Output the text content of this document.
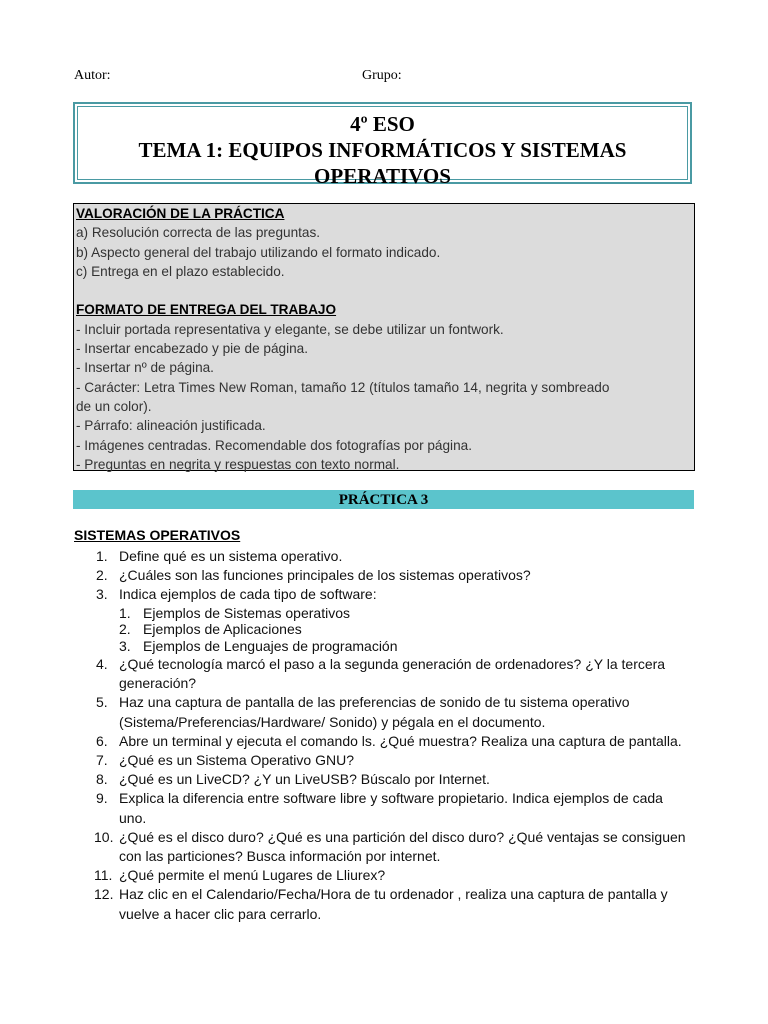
Autor:	Grupo:
4º ESO
TEMA 1: EQUIPOS INFORMÁTICOS Y SISTEMAS
OPERATIVOS
VALORACIÓN DE LA PRÁCTICA
a) Resolución correcta de las preguntas.
b) Aspecto general del trabajo utilizando el formato indicado.
c) Entrega en el plazo establecido.
FORMATO DE ENTREGA DEL TRABAJO
- Incluir portada representativa y elegante, se debe utilizar un fontwork.
- Insertar encabezado y pie de página.
- Insertar nº de página.
- Carácter: Letra Times New Roman, tamaño 12 (títulos tamaño 14, negrita y sombreado
de un color).
- Párrafo: alineación justificada.
- Imágenes centradas. Recomendable dos fotografías por página.
- Preguntas en negrita y respuestas con texto normal.
PRÁCTICA 3
SISTEMAS OPERATIVOS
1. Define qué es un sistema operativo.
2. ¿Cuáles son las funciones principales de los sistemas operativos?
3. Indica ejemplos de cada tipo de software:
1. Ejemplos de Sistemas operativos
2. Ejemplos de Aplicaciones
3. Ejemplos de Lenguajes de programación
4. ¿Qué tecnología marcó el paso a la segunda generación de ordenadores? ¿Y la tercera generación?
5. Haz una captura de pantalla de las preferencias de sonido de tu sistema operativo (Sistema/Preferencias/Hardware/ Sonido) y pégala en el documento.
6. Abre un terminal y ejecuta el comando ls. ¿Qué muestra? Realiza una captura de pantalla.
7. ¿Qué es un Sistema Operativo GNU?
8. ¿Qué es un LiveCD? ¿Y un LiveUSB? Búscalo por Internet.
9. Explica la diferencia entre software libre y software propietario. Indica ejemplos de cada uno.
10. ¿Qué es el disco duro? ¿Qué es una partición del disco duro? ¿Qué ventajas se consiguen con las particiones? Busca información por internet.
11. ¿Qué permite el menú Lugares de Lliurex?
12. Haz clic en el Calendario/Fecha/Hora de tu ordenador , realiza una captura de pantalla y vuelve a hacer clic para cerrarlo.
